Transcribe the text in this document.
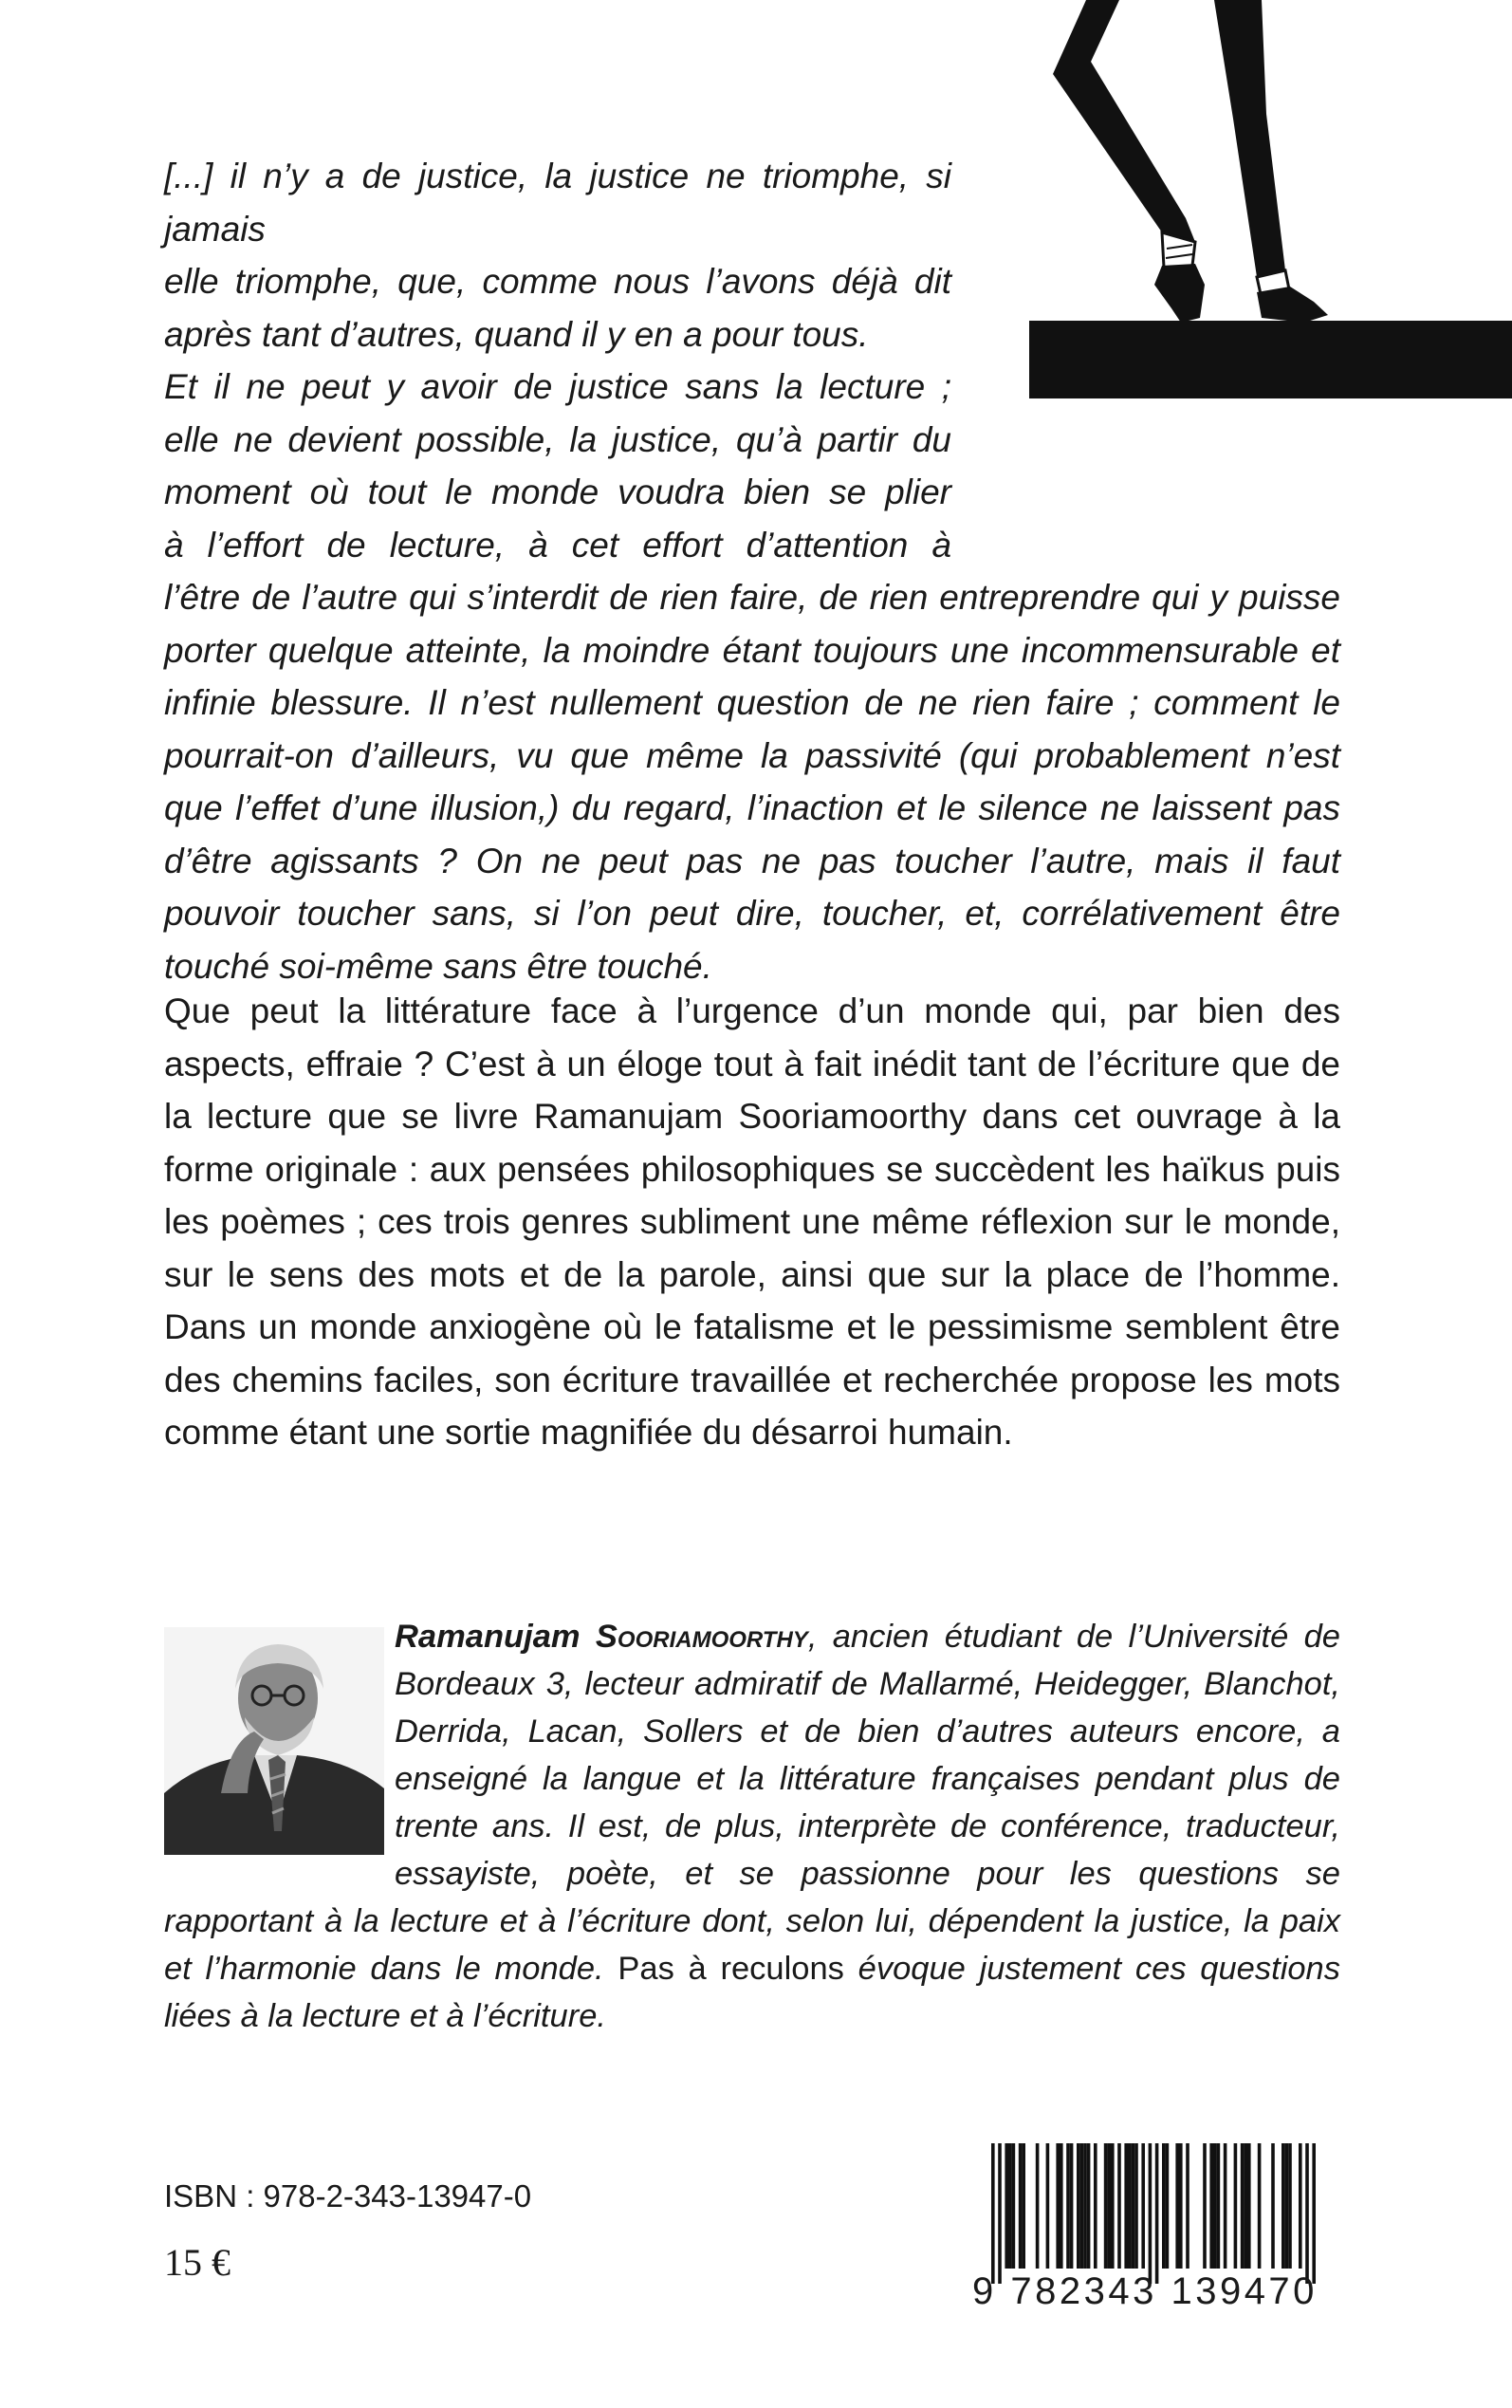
[...] il n’y a de justice, la justice ne triomphe, si jamais

elle triomphe, que, comme nous l’avons déjà dit

après tant d’autres, quand il y en a pour tous.

Et il ne peut y avoir de justice sans la lecture ;

elle ne devient possible, la justice, qu’à partir du

moment où tout le monde voudra bien se plier

à l’effort de lecture, à cet effort d’attention à

l’être de l’autre qui s’interdit de rien faire, de rien entreprendre qui y puisse porter quelque atteinte, la moindre étant toujours une incommensurable et infinie blessure. Il n’est nullement question de ne rien faire ; comment le pourrait-on d’ailleurs, vu que même la passivité (qui probablement n’est que l’effet d’une illusion,) du regard, l’inaction et le silence ne laissent pas d’être agissants ? On ne peut pas ne pas toucher l’autre, mais il faut pouvoir toucher sans, si l’on peut dire, toucher, et, corrélativement être touché soi-même sans être touché.

Que peut la littérature face à l’urgence d’un monde qui, par bien des aspects, effraie ? C’est à un éloge tout à fait inédit tant de l’écriture que de la lecture que se livre Ramanujam Sooriamoorthy dans cet ouvrage à la forme originale : aux pensées philosophiques se succèdent les haïkus puis les poèmes ; ces trois genres subliment une même réflexion sur le monde, sur le sens des mots et de la parole, ainsi que sur la place de l’homme. Dans un monde anxiogène où le fatalisme et le pessimisme semblent être des chemins faciles, son écriture travaillée et recherchée propose les mots comme étant une sortie magnifiée du désarroi humain.

Ramanujam Sooriamoorthy, ancien étudiant de l’Université de Bordeaux 3, lecteur admiratif de Mallarmé, Heidegger, Blanchot, Derrida, Lacan, Sollers et de bien d’autres auteurs encore, a enseigné la langue et la littérature françaises pendant plus de trente ans. Il est, de plus, interprète de conférence, traducteur, essayiste, poète, et se passionne pour les questions se rapportant à la lecture et à l’écriture dont, selon lui, dépendent la justice, la paix et l’harmonie dans le monde. Pas à reculons évoque justement ces questions liées à la lecture et à l’écriture.

ISBN : 978-2-343-13947-0

15 €

9 782343 139470
